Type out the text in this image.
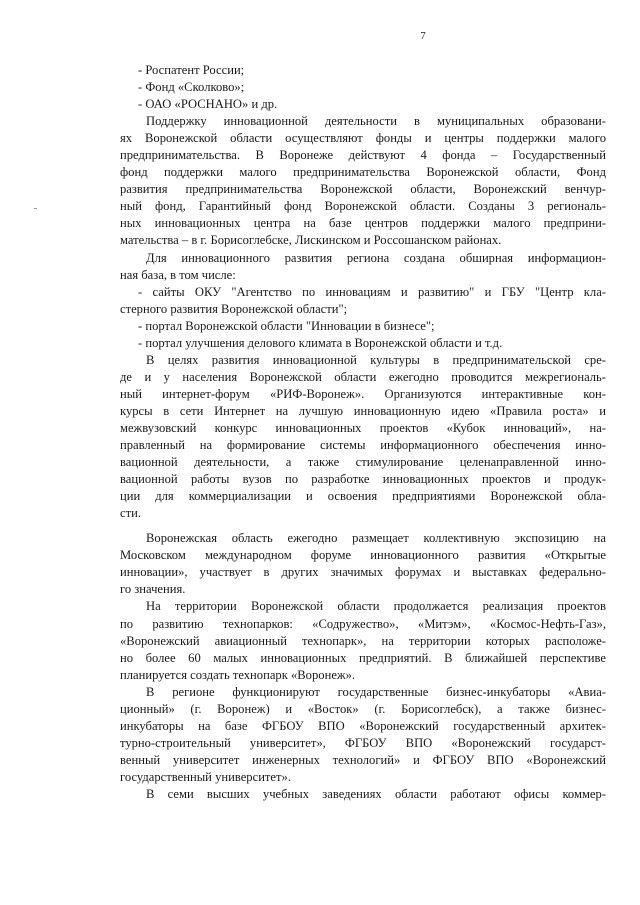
7
- Роспатент России;
- Фонд «Сколково»;
- ОАО «РОСНАНО» и др.
Поддержку инновационной деятельности в муниципальных образовани-
ях Воронежской области осуществляют фонды и центры поддержки малого
предпринимательства. В Воронеже действуют 4 фонда – Государственный
фонд поддержки малого предпринимательства Воронежской области, Фонд
развития предпринимательства Воронежской области, Воронежский венчур-
ный фонд, Гарантийный фонд Воронежской области. Созданы 3 региональ-
ных инновационных центра на базе центров поддержки малого предприни-
мательства – в г. Борисоглебске, Лискинском и Россошанском районах.
Для инновационного развития региона создана обширная информацион-
ная база, в том числе:
- сайты ОКУ "Агентство по инновациям и развитию" и ГБУ "Центр кла-
стерного развития Воронежской области";
- портал Воронежской области "Инновации в бизнесе";
- портал улучшения делового климата в Воронежской области и т.д.
В целях развития инновационной культуры в предпринимательской сре-
де и у населения Воронежской области ежегодно проводится межрегиональ-
ный интернет-форум «РИФ-Воронеж». Организуются интерактивные кон-
курсы в сети Интернет на лучшую инновационную идею «Правила роста» и
межвузовский конкурс инновационных проектов «Кубок инноваций», на-
правленный на формирование системы информационного обеспечения инно-
вационной деятельности, а также стимулирование целенаправленной инно-
вационной работы вузов по разработке инновационных проектов и продук-
ции для коммерциализации и освоения предприятиями Воронежской обла-
сти.
Воронежская область ежегодно размещает коллективную экспозицию на
Московском международном форуме инновационного развития «Открытые
инновации», участвует в других значимых форумах и выставках федерально-
го значения.
На территории Воронежской области продолжается реализация проектов
по развитию технопарков: «Содружество», «Митэм», «Космос-Нефть-Газ»,
«Воронежский авиационный технопарк», на территории которых расположе-
но более 60 малых инновационных предприятий. В ближайшей перспективе
планируется создать технопарк «Воронеж».
В регионе функционируют государственные бизнес-инкубаторы «Авиа-
ционный» (г. Воронеж) и «Восток» (г. Борисоглебск), а также бизнес-
инкубаторы на базе ФГБОУ ВПО «Воронежский государственный архитек-
турно-строительный университет», ФГБОУ ВПО «Воронежский государст-
венный университет инженерных технологий» и ФГБОУ ВПО «Воронежский
государственный университет».
В семи высших учебных заведениях области работают офисы коммер-
